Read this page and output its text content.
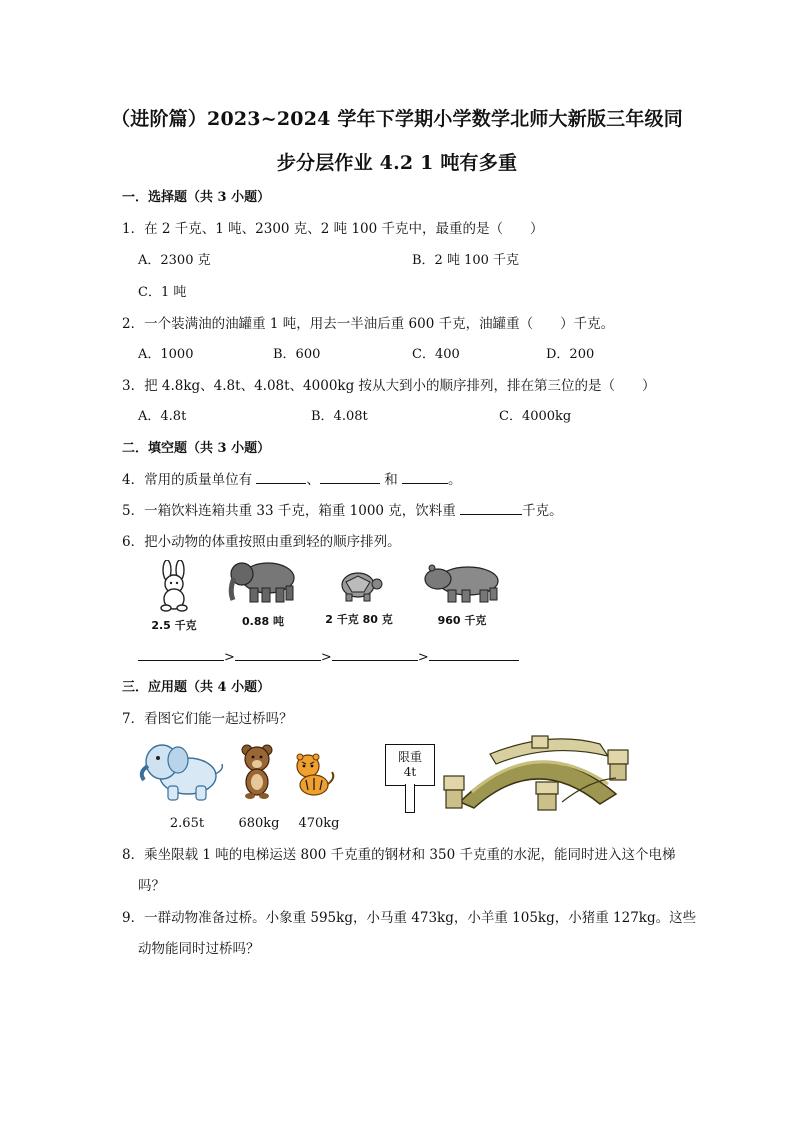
（进阶篇）2023~2024 学年下学期小学数学北师大新版三年级同
步分层作业 4.2 1 吨有多重
一．选择题（共 3 小题）
1．在 2 千克、1 吨、2300 克、2 吨 100 千克中，最重的是（　　）
A．2300 克	B．2 吨 100 千克
C．1 吨
2．一个装满油的油罐重 1 吨，用去一半油后重 600 千克，油罐重（　　）千克。
A．1000	B．600	C．400	D．200
3．把 4.8kg、4.8t、4.08t、4000kg 按从大到小的顺序排列，排在第三位的是（　　）
A．4.8t	B．4.08t	C．4000kg
二．填空题（共 3 小题）
4．常用的质量单位有	、	和	。
5．一箱饮料连箱共重 33 千克，箱重 1000 克，饮料重	千克。
6．把小动物的体重按照由重到轻的顺序排列。
2.5 千克	0.88 吨	2 千克 80 克	960 千克
>	>	>
三．应用题（共 4 小题）
7．看图它们能一起过桥吗？
2.65t	680kg	470kg
限重
4t
8．乘坐限载 1 吨的电梯运送 800 千克重的钢材和 350 千克重的水泥，能同时进入这个电梯
吗？
9．一群动物准备过桥。小象重 595kg，小马重 473kg，小羊重 105kg，小猪重 127kg。这些
动物能同时过桥吗？
